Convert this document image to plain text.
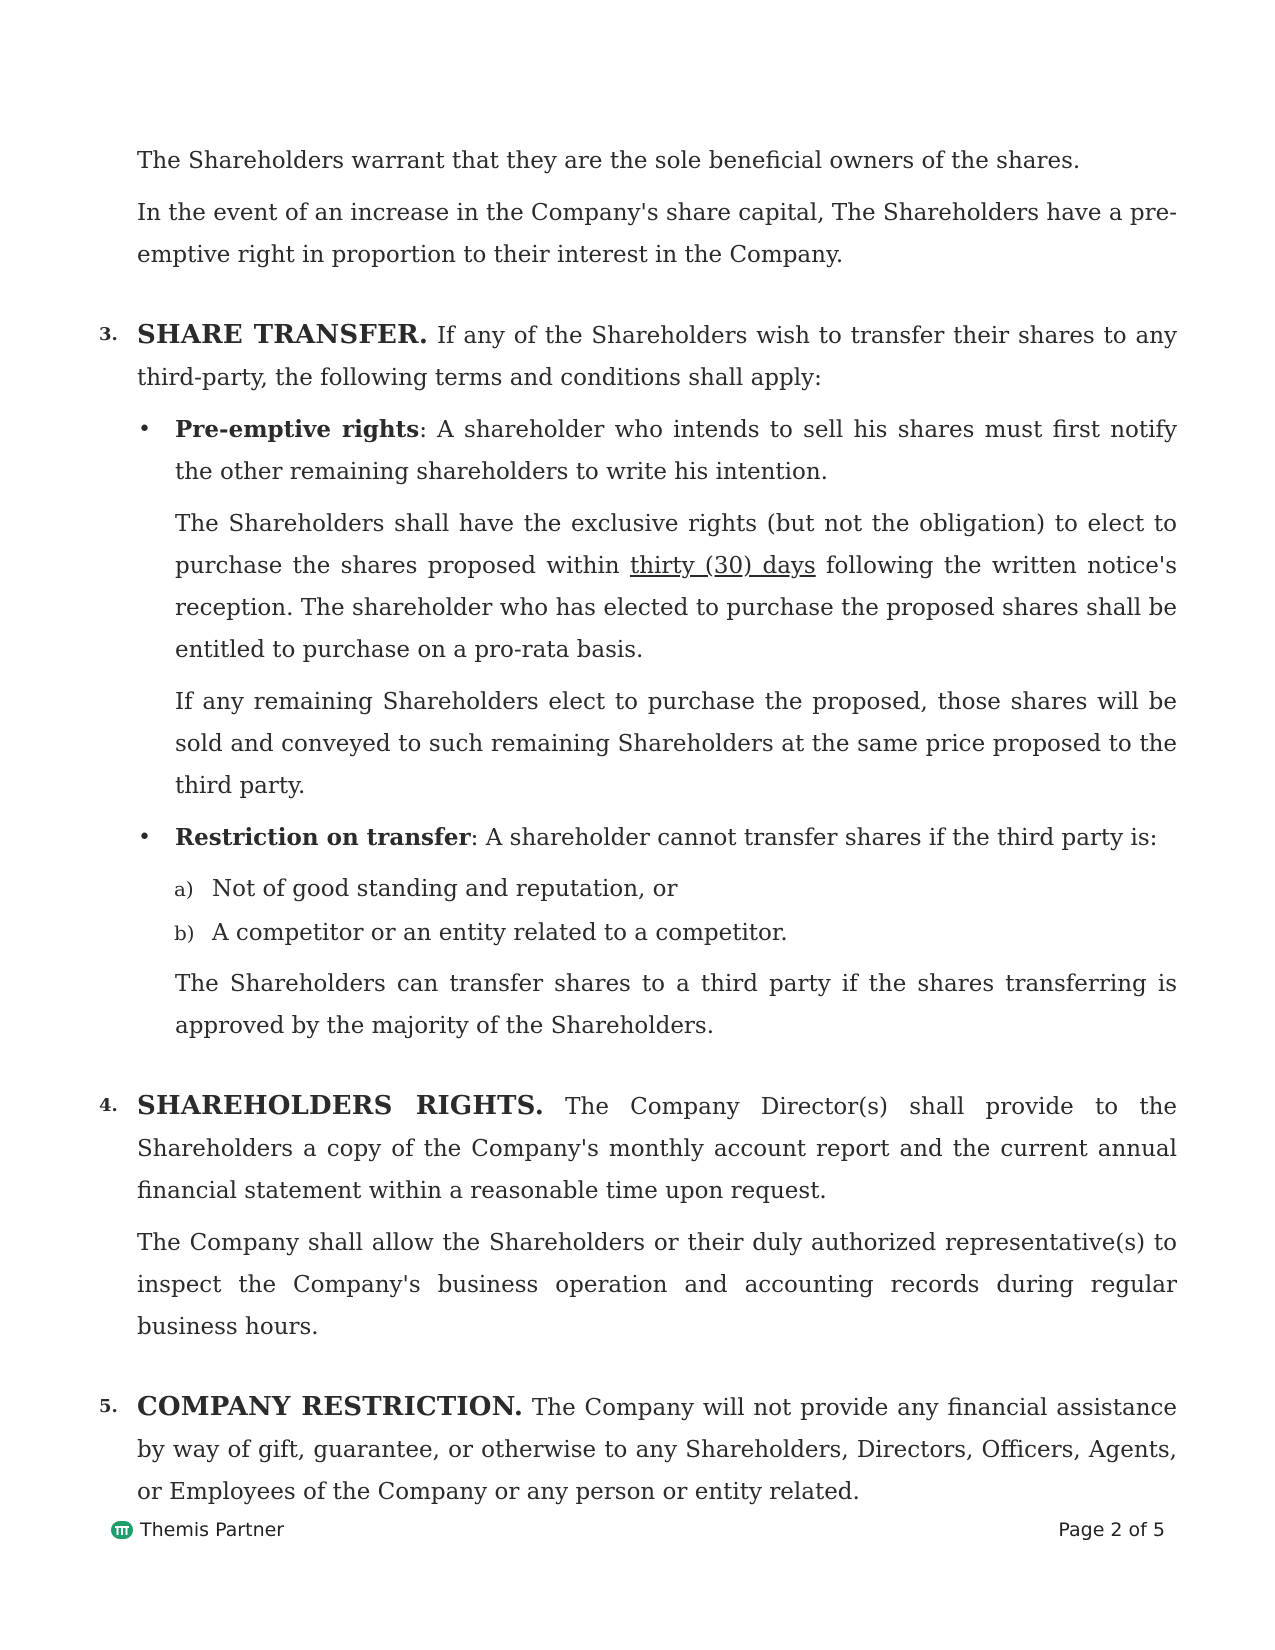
The Shareholders warrant that they are the sole beneficial owners of the shares.

In the event of an increase in the Company's share capital, The Shareholders have a pre-emptive right in proportion to their interest in the Company.

3. SHARE TRANSFER. If any of the Shareholders wish to transfer their shares to any third-party, the following terms and conditions shall apply:

• Pre-emptive rights: A shareholder who intends to sell his shares must first notify the other remaining shareholders to write his intention.

The Shareholders shall have the exclusive rights (but not the obligation) to elect to purchase the shares proposed within thirty (30) days following the written notice's reception. The shareholder who has elected to purchase the proposed shares shall be entitled to purchase on a pro-rata basis.

If any remaining Shareholders elect to purchase the proposed, those shares will be sold and conveyed to such remaining Shareholders at the same price proposed to the third party.

• Restriction on transfer: A shareholder cannot transfer shares if the third party is:

a) Not of good standing and reputation, or
b) A competitor or an entity related to a competitor.

The Shareholders can transfer shares to a third party if the shares transferring is approved by the majority of the Shareholders.

4. SHAREHOLDERS RIGHTS. The Company Director(s) shall provide to the Shareholders a copy of the Company's monthly account report and the current annual financial statement within a reasonable time upon request.

The Company shall allow the Shareholders or their duly authorized representative(s) to inspect the Company's business operation and accounting records during regular business hours.

5. COMPANY RESTRICTION. The Company will not provide any financial assistance by way of gift, guarantee, or otherwise to any Shareholders, Directors, Officers, Agents, or Employees of the Company or any person or entity related.

Themis Partner	Page 2 of 5
